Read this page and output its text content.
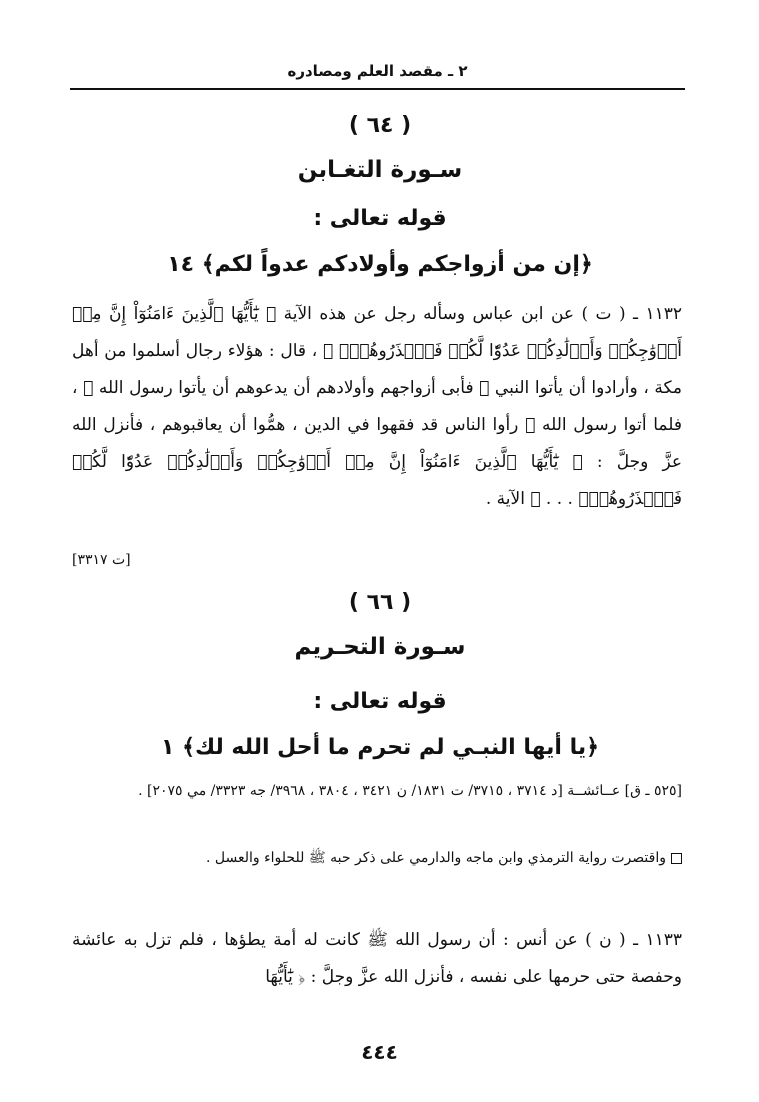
٢ ـ مقصد العلم ومصادره
( ٦٤ )
سـورة التغـابن
قوله تعالى :
﴿إن من أزواجكم وأولادكم عدواً لكم﴾ ١٤
١١٣٢ ـ ( ت ) عن ابن عباس وسأله رجل عن هذه الآية ﴿ يَٰٓأَيُّهَا ٱلَّذِينَ ءَامَنُوٓاْ إِنَّ مِنۡ أَزۡوَٰجِكُمۡ وَأَوۡلَٰدِكُمۡ عَدُوّٗا لَّكُمۡ فَٱحۡذَرُوهُمۡۚ ﴾ ، قال : هؤلاء رجال أسلموا من أهل مكة ، وأرادوا أن يأتوا النبي ﷺ فأبى أزواجهم وأولادهم أن يدعوهم أن يأتوا رسول الله ﷺ ، فلما أتوا رسول الله ﷺ رأوا الناس قد فقهوا في الدين ، همُّوا أن يعاقبوهم ، فأنزل الله عزَّ وجلَّ : ﴿ يَٰٓأَيُّهَا ٱلَّذِينَ ءَامَنُوٓاْ إِنَّ مِنۡ أَزۡوَٰجِكُمۡ وَأَوۡلَٰدِكُمۡ عَدُوّٗا لَّكُمۡ فَٱحۡذَرُوهُمۡۚ . . . ﴾ الآية .
[ت ٣٣١٧]
( ٦٦ )
سـورة التحـريم
قوله تعالى :
﴿يا أيها النبـي لم تحرم ما أحل الله لك﴾ ١
[٥٢٥ ـ ق] عــائشــة [د ٣٧١٤ ، ٣٧١٥/ ت ١٨٣١/ ن ٣٤٢١ ، ٣٨٠٤ ، ٣٩٦٨/ جه ٣٣٢٣/ مي ٢٠٧٥] .
واقتصرت رواية الترمذي وابن ماجه والدارمي على ذكر حبه ﷺ للحلواء والعسل .
١١٣٣ ـ ( ن ) عن أنس : أن رسول الله ﷺ كانت له أمة يطؤها ، فلم تزل به عائشة وحفصة حتى حرمها على نفسه ، فأنزل الله عزَّ وجلَّ : ﴿ يَٰٓأَيُّهَا
٤٤٤
